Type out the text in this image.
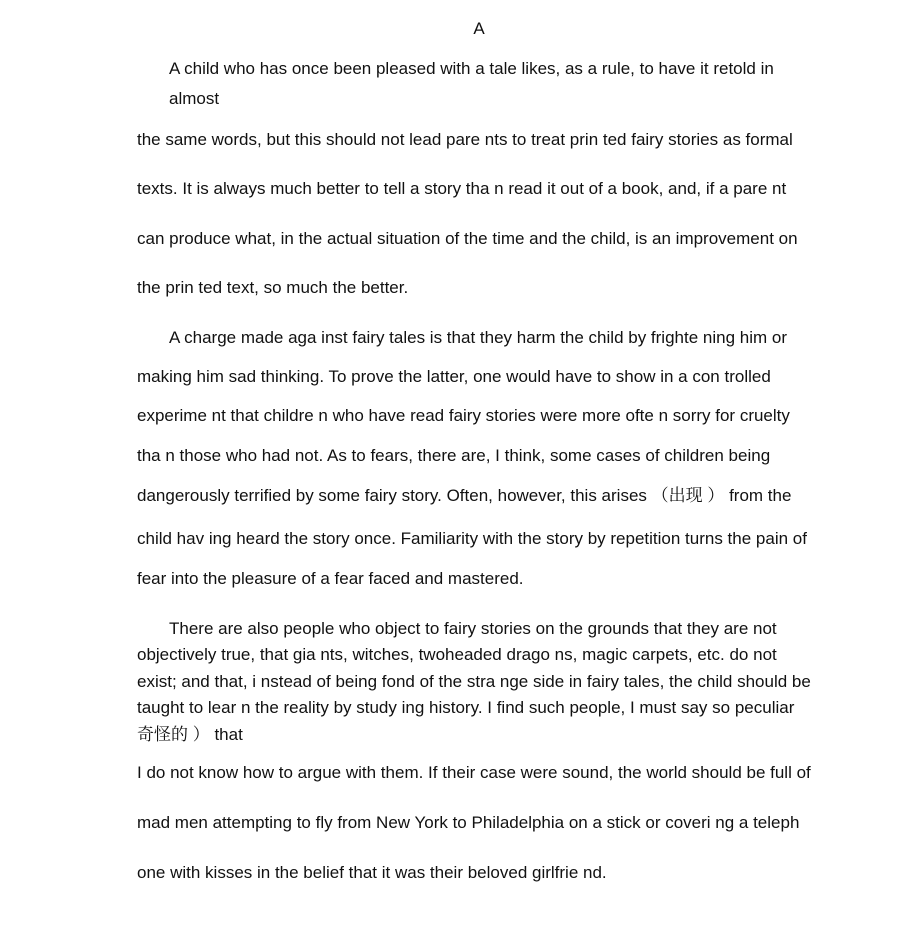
A
A child who has once been pleased with a tale likes, as a rule, to have it retold in
almost
the same words, but this should not lead pare nts to treat prin ted fairy stories as formal
texts. It is always much better to tell a story tha n read it out of a book, and, if a pare nt
can produce what, in the actual situation of the time and the child, is an improvement on
the prin ted text, so much the better.
A charge made aga inst fairy tales is that they harm the child by frighte ning him or
making him sad thinking. To prove the latter, one would have to show in a con trolled
experime nt that childre n who have read fairy stories were more ofte n sorry for cruelty
tha n those who had not. As to fears, there are, I think, some cases of children being
dangerously terrified by some fairy story. Often, however, this arises （出现 ） from the
child hav ing heard the story once. Familiarity with the story by repetition turns the pain of
fear into the pleasure of a fear faced and mastered.
There are also people who object to fairy stories on the grounds that they are not
objectively true, that gia nts, witches, twoheaded drago ns, magic carpets, etc. do not
exist; and that, i nstead of being fond of the stra nge side in fairy tales, the child should be
taught to lear n the reality by study ing history. I find such people, I must say so peculiar
奇怪的 ） that
I do not know how to argue with them. If their case were sound, the world should be full of
mad men attempting to fly from New York to Philadelphia on a stick or coveri ng a teleph
one with kisses in the belief that it was their beloved girlfrie nd.
